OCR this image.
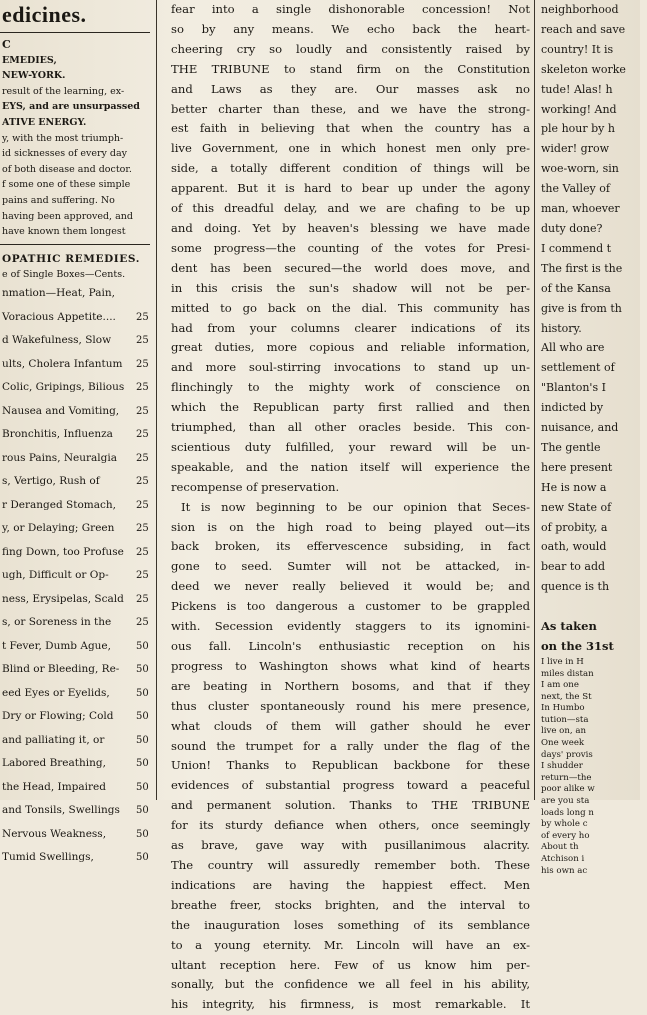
edicines.
C
EMEDIES,
NEW-YORK.
result of the learning, ex-
EYS, and are unsurpassed
ATIVE ENERGY.
y, with the most triumph-
id sicknesses of every day
of both disease and doctor.
f some one of these simple
pains and suffering. No
having been approved, and
have known them longest
OPATHIC REMEDIES.
e of Single Boxes—Cents.
nmation—Heat, Pain,
Voracious Appetite.... 25
d Wakefulness, Slow 25
ults, Cholera Infantum 25
Colic, Gripings, Bilious 25
Nausea and Vomiting, 25
Bronchitis, Influenza 25
rous Pains, Neuralgia 25
s, Vertigo, Rush of	25
r Deranged Stomach, 25
y, or Delaying; Green 25
fing Down, too Profuse 25
ugh, Difficult or Op-	25
ness, Erysipelas, Scald 25
s, or Soreness in the 25
t Fever, Dumb Ague,	50
Blind or Bleeding, Re- 50
eed Eyes or Eyelids,	50
Dry or Flowing; Cold 50
and palliating it, or	50
Labored Breathing,	50
the Head, Impaired	50
and Tonsils, Swellings 50
Nervous Weakness,	50
Tumid Swellings,	50
fear into a single dishonorable concession! Not
so by any means. We echo back the heart-
cheering cry so loudly and consistently raised by
THE TRIBUNE to stand firm on the Constitution
and Laws as they are. Our masses ask no
better charter than these, and we have the strong-
est faith in believing that when the country has a
live Government, one in which honest men only pre-
side, a totally different condition of things will be
apparent. But it is hard to bear up under the agony
of this dreadful delay, and we are chafing to be up
and doing. Yet by heaven's blessing we have made
some progress—the counting of the votes for Presi-
dent has been secured—the world does move, and
in this crisis the sun's shadow will not be per-
mitted to go back on the dial. This community has
had from your columns clearer indications of its
great duties, more copious and reliable information,
and more soul-stirring invocations to stand up un-
flinchingly to the mighty work of conscience on
which the Republican party first rallied and then
triumphed, than all other oracles beside. This con-
scientious duty fulfilled, your reward will be un-
speakable, and the nation itself will experience the
recompense of preservation.
It is now beginning to be our opinion that Seces-
sion is on the high road to being played out—its
back broken, its effervescence subsiding, in fact
gone to seed. Sumter will not be attacked, in-
deed we never really believed it would be; and
Pickens is too dangerous a customer to be grappled
with. Secession evidently staggers to its ignomini-
ous fall. Lincoln's enthusiastic reception on his
progress to Washington shows what kind of hearts
are beating in Northern bosoms, and that if they
thus cluster spontaneously round his mere presence,
what clouds of them will gather should he ever
sound the trumpet for a rally under the flag of the
Union! Thanks to Republican backbone for these
evidences of substantial progress toward a peaceful
and permanent solution. Thanks to THE TRIBUNE
for its sturdy defiance when others, once seemingly
as brave, gave way with pusillanimous alacrity.
The country will assuredly remember both. These
indications are having the happiest effect. Men
breathe freer, stocks brighten, and the interval to
the inauguration loses something of its semblance
to a young eternity. Mr. Lincoln will have an ex-
ultant reception here. Few of us know him per-
sonally, but the confidence we all feel in his ability,
his integrity, his firmness, is most remarkable. It
neighborhood
reach and save
country! It is
skeleton worke
tude! Alas! h
working! And
ple hour by h
wider! grow
woe-worn, sin
the Valley of
man, whoever
duty done?
I commend t
The first is the
of the Kansa
give is from th
history.
All who are
settlement of
"Blanton's I
indicted by
nuisance, and
The gentle
here present
He is now a
new State of
of probity, a
oath, would
bear to add
quence is th

As taken
on the 31st
I live in H
miles distan
I am one
next, the St
In Humbo
tution—sta
live on, an
One week
days' provis
I shudder
return—the
poor alike w
are you sta
loads long n
by whole c
of every ho
About th
Atchison i
his own ac
